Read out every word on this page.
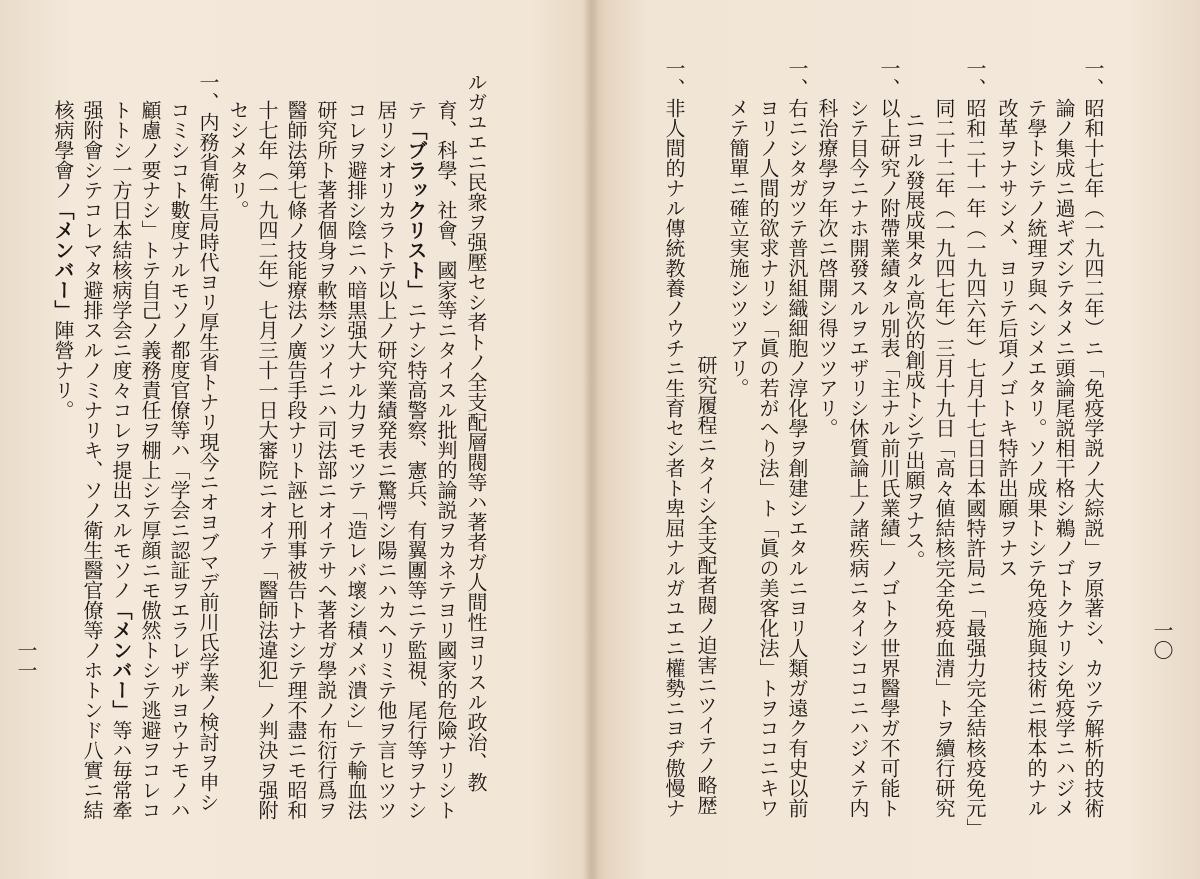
ルガユエニ民衆ヲ强壓セシ者トノ全支配層閥等ハ著者ガ人間性ヨリスル政治、教
育、科學、社會、國家等ニタイスル批判的論説ヲカネテヨリ國家的危險ナリシト
テ「ブラックリスト」ニナシ特高警察、憲兵、有翼團等ニテ監視、尾行等ヲナシ
居リシオリカラトテ以上ノ研究業績発表ニ驚愕シ陽ニハカヘリミテ他ヲ言ヒツツ
コレヲ避排シ陰ニハ暗黒强大ナル力ヲモツテ「造レバ壞シ積メバ潰シ」テ輸血法
研究所ト著者個身ヲ軟禁シツイニハ司法部ニオイテサヘ著者ガ學説ノ布衍行爲ヲ
醫師法第七條ノ技能療法ノ廣告手段ナリト誣ヒ刑事被告トナシテ理不盡ニモ昭和
十七年（一九四二年）七月三十一日大審院ニオイテ「醫師法違犯」ノ判決ヲ强附
セシメタリ。
一、内務省衛生局時代ヨリ厚生省トナリ現今ニオヨブマデ前川氏学業ノ検討ヲ申シ
コミシコト數度ナルモソノ都度官僚等ハ「学会ニ認証ヲエラレザルヨウナモノハ
顧慮ノ要ナシ」トテ自己ノ義務責任ヲ棚上シテ厚顔ニモ傲然トシテ逃避ヲコレコ
トトシ一方日本結核病学会ニ度々コレヲ提出スルモソノ「メンバー」等ハ毎常牽
强附會シテコレマタ避排スルノミナリキ、ソノ衛生醫官僚等ノホトンド八實ニ結
核病學會ノ「メンバー」陣營ナリ。
一一	一、昭和十七年（一九四二年）ニ「免疫学説ノ大綜説」ヲ原著シ、カツテ解析的技術
論ノ集成ニ過ギズシテタメニ頭論尾説相干格シ鵜ノゴトクナリシ免疫学ニハジメ
テ學トシテノ統理ヲ與ヘシメエタリ。ソノ成果トシテ免疫施與技術ニ根本的ナル
改革ヲナサシメ、ヨリテ后項ノゴトキ特許出願ヲナス
一、昭和二十一年（一九四六年）七月十七日日本國特許局ニ「最强力完全結核疫免元」
同二十二年（一九四七年）三月十九日「高々値結核完全免疫血清」トヲ續行研究
ニヨル發展成果タル高次的創成トシテ出願ヲナス。
一、以上研究ノ附帶業績タル別表「主ナル前川氏業績」ノゴトク世界醫學ガ不可能ト
シテ目今ニナホ開發スルヲエザリシ休質論上ノ諸疾病ニタイシココニハジメテ内
科治療學ヲ年次ニ啓開シ得ツツアリ。
一、右ニシタガツテ普汎組織細胞ノ淳化學ヲ創建シエタルニヨリ人類ガ遠ク有史以前
ヨリノ人間的欲求ナリシ「眞の若がへり法」ト「眞の美客化法」トヲココニキワ
メテ簡單ニ確立実施シツツアリ。
研究履程ニタイシ全支配者閥ノ迫害ニツイテノ略歴
一、非人間的ナル傳統教養ノウチニ生育セシ者ト卑屈ナルガユエニ權勢ニヨヂ傲慢ナ	一〇
